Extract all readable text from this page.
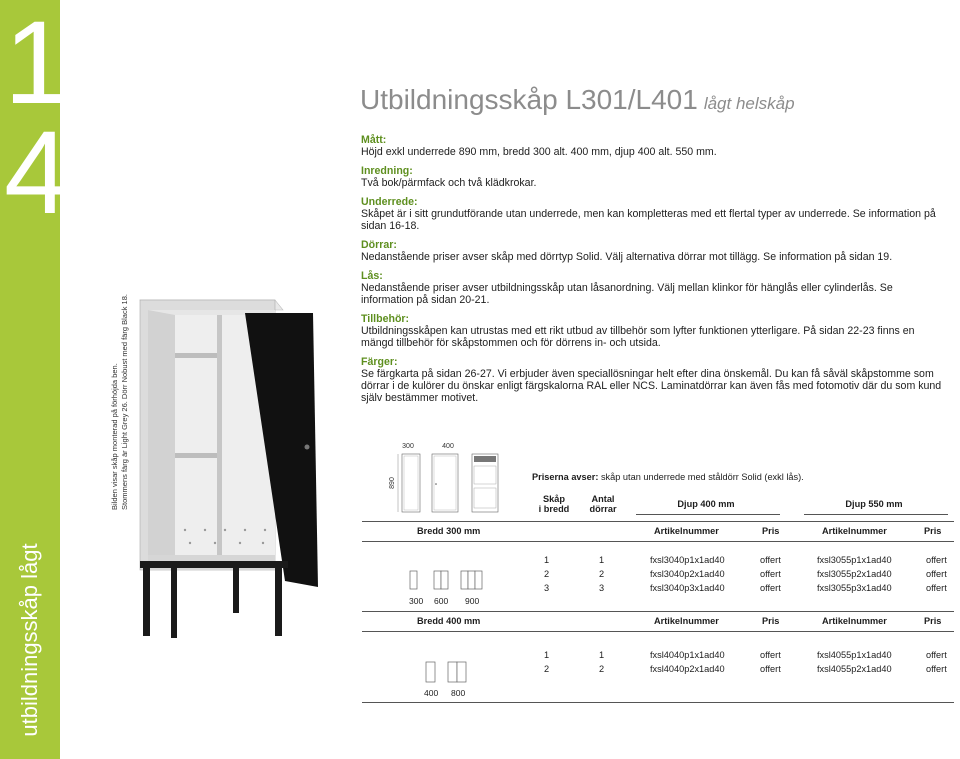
1
4
utbildningsskåp lågt
Bilden visar skåp monterad på förhöjda ben.
Stommens färg är Light Grey 26. Dörr Nobust med färg Black 18.
Utbildningsskåp L301/L401 lågt helskåp
Mått:
Höjd exkl underrede 890 mm, bredd 300 alt. 400 mm, djup 400 alt. 550 mm.
Inredning:
Två bok/pärmfack och två klädkrokar.
Underrede:
Skåpet är i sitt grundutförande utan underrede, men kan kompletteras med ett flertal typer av underrede. Se information på sidan 16-18.
Dörrar:
Nedanstående priser avser skåp med dörrtyp Solid. Välj alternativa dörrar mot tillägg. Se information på sidan 19.
Lås:
Nedanstående priser avser utbildningsskåp utan låsanordning. Välj mellan klinkor för hänglås eller cylinderlås. Se information på sidan 20-21.
Tillbehör:
Utbildningsskåpen kan utrustas med ett rikt utbud av tillbehör som lyfter funktionen ytterligare. På sidan 22-23 finns en mängd tillbehör för skåpstommen och för dörrens in- och utsida.
Färger:
Se färgkarta på sidan 26-27. Vi erbjuder även speciallösningar helt efter dina önskemål. Du kan få såväl skåpstomme som dörrar i de kulörer du önskar enligt färgskalorna RAL eller NCS. Laminatdörrar kan även fås med fotomotiv där du som kund själv bestämmer motivet.
300	400
890
Priserna avser: skåp utan underrede med ståldörr Solid (exkl lås).
Skåp
i bredd
Antal
dörrar	Djup 400 mm	Djup 550 mm
Bredd 300 mm	Artikelnummer	Pris	Artikelnummer	Pris
1	1	fxsl3040p1x1ad40	offert	fxsl3055p1x1ad40	offert
2	2	fxsl3040p2x1ad40	offert	fxsl3055p2x1ad40	offert
3	3	fxsl3040p3x1ad40	offert	fxsl3055p3x1ad40	offert
300 600 900
Bredd 400 mm	Artikelnummer	Pris	Artikelnummer	Pris
1	1	fxsl4040p1x1ad40	offert	fxsl4055p1x1ad40	offert
2	2	fxsl4040p2x1ad40	offert	fxsl4055p2x1ad40	offert
400 800
